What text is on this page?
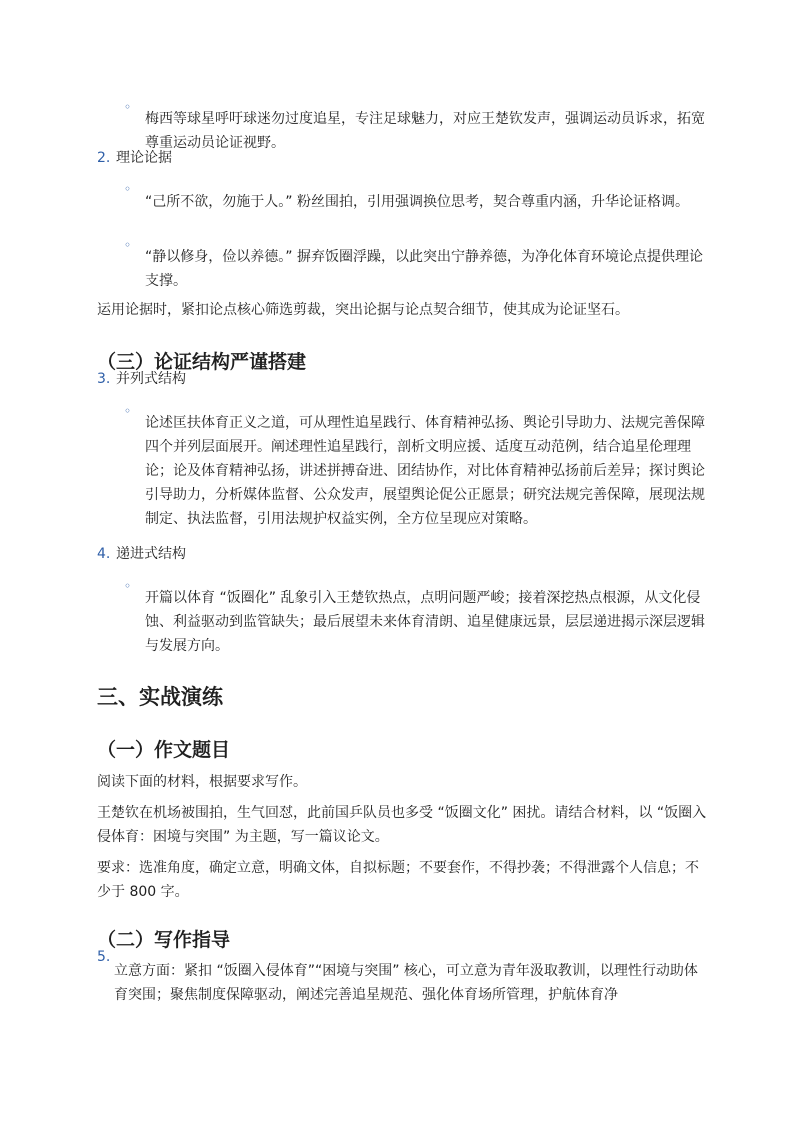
◦

梅西等球星呼吁球迷勿过度追星，专注足球魅力，对应王楚钦发声，强调运动员诉求，拓宽尊重运动员论证视野。

2. 理论论据
◦

“己所不欲，勿施于人。” 粉丝围拍，引用强调换位思考，契合尊重内涵，升华论证格调。

◦

“静以修身，俭以养德。” 摒弃饭圈浮躁，以此突出宁静养德，为净化体育环境论点提供理论支撑。

运用论据时，紧扣论点核心筛选剪裁，突出论据与论点契合细节，使其成为论证坚石。

（三）论证结构严谨搭建
3. 并列式结构
◦

论述匡扶体育正义之道，可从理性追星践行、体育精神弘扬、舆论引导助力、法规完善保障四个并列层面展开。阐述理性追星践行，剖析文明应援、适度互动范例，结合追星伦理理论；论及体育精神弘扬，讲述拼搏奋进、团结协作，对比体育精神弘扬前后差异；探讨舆论引导助力，分析媒体监督、公众发声，展望舆论促公正愿景；研究法规完善保障，展现法规制定、执法监督，引用法规护权益实例，全方位呈现应对策略。

4. 递进式结构
◦

开篇以体育 “饭圈化” 乱象引入王楚钦热点，点明问题严峻；接着深挖热点根源，从文化侵蚀、利益驱动到监管缺失；最后展望未来体育清朗、追星健康远景，层层递进揭示深层逻辑与发展方向。

三、实战演练
（一）作文题目

阅读下面的材料，根据要求写作。

王楚钦在机场被围拍，生气回怼，此前国乒队员也多受 “饭圈文化” 困扰。请结合材料，以 “饭圈入侵体育：困境与突围” 为主题，写一篇议论文。

要求：选准角度，确定立意，明确文体，自拟标题；不要套作，不得抄袭；不得泄露个人信息；不少于 800 字。

（二）写作指导
5.

立意方面：紧扣 “饭圈入侵体育”“困境与突围” 核心，可立意为青年汲取教训，以理性行动助体育突围；聚焦制度保障驱动，阐述完善追星规范、强化体育场所管理，护航体育净
